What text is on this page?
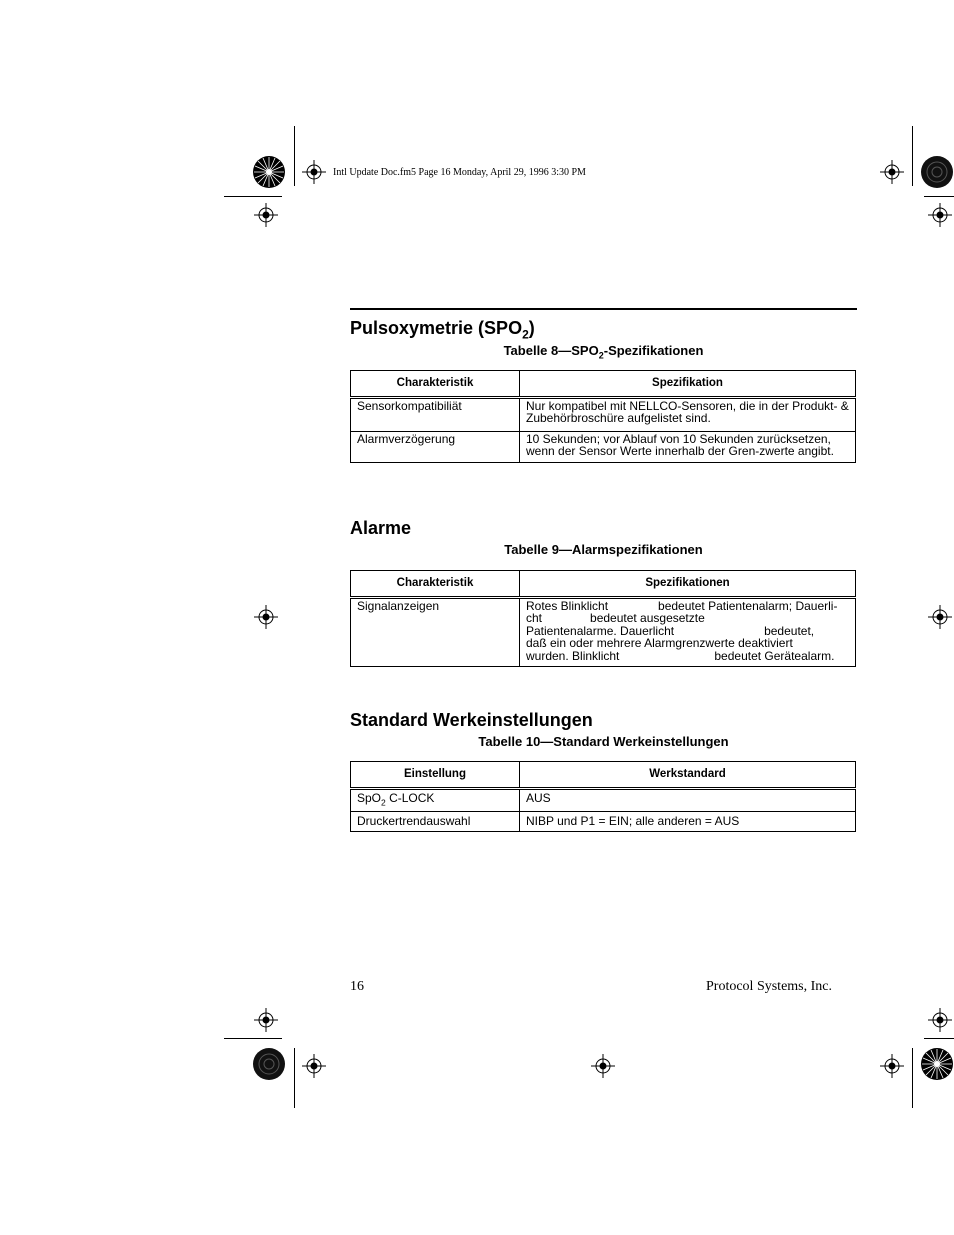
Intl Update Doc.fm5 Page 16 Monday, April 29, 1996 3:30 PM
Pulsoxymetrie $(SPO_2)$
Tabelle $8—SPO_2$-Spezifikationen
Charakteristik	Spezifikation
Sensorkompatibiliät	Nur kompatibel mit NELLCO-Sensoren, die in der Produkt- & Zubehörbroschüre aufgelistet sind.
Alarmverzögerung	10 Sekunden; vor Ablauf von 10 Sekunden zurücksetzen, wenn der Sensor Werte innerhalb der Gren-zwerte angibt.
Alarme
Tabelle 9—Alarmspezifikationen
Charakteristik	Spezifikationen
Signalanzeigen	Rotes Blinklicht bedeutet Patientenalarm; Dauerli-
cht bedeutet ausgesetzte
Patientenalarme. Dauerlicht bedeutet,
daß ein oder mehrere Alarmgrenzwerte deaktiviert
wurden. Blinklicht bedeutet Gerätealarm.
Standard Werkeinstellungen
Tabelle 10—Standard Werkeinstellungen
Einstellung	Werkstandard
SpO$_2$ C-LOCK	AUS
Druckertrendauswahl	NIBP und P1 = EIN; alle anderen = AUS
16	Protocol Systems, Inc.
